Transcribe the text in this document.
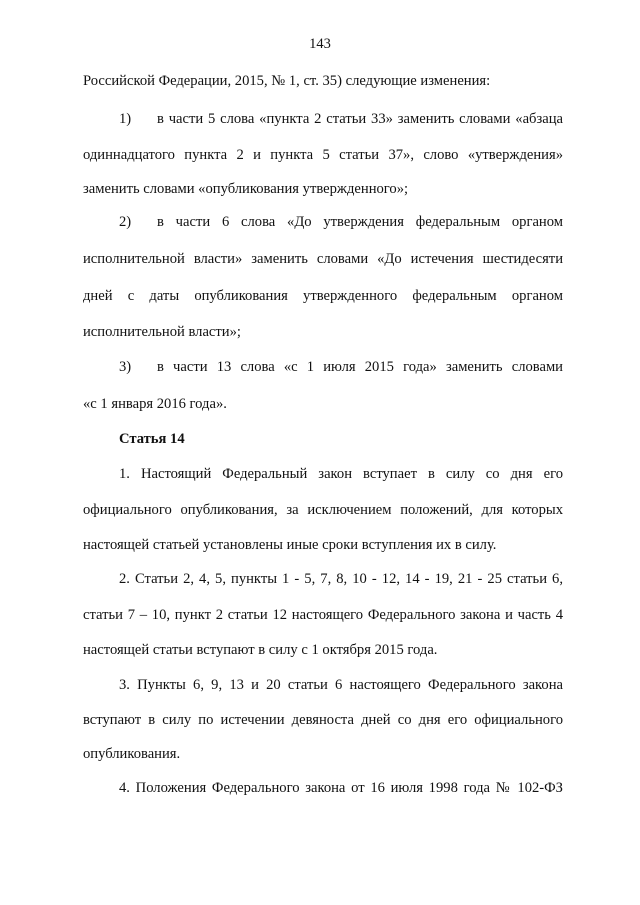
143
Российской Федерации, 2015, № 1, ст. 35) следующие изменения:
1)	в части 5 слова «пункта 2 статьи 33» заменить словами «абзаца
одиннадцатого пункта 2 и пункта 5 статьи 37», слово «утверждения»
заменить словами «опубликования утвержденного»;
2)	в части 6 слова «До утверждения федеральным органом
исполнительной власти» заменить словами «До истечения шестидесяти
дней с даты опубликования утвержденного федеральным органом
исполнительной власти»;
3)	в части 13 слова «с 1 июля 2015 года» заменить словами
«с 1 января 2016 года».
Статья 14
1. Настоящий Федеральный закон вступает в силу со дня его
официального опубликования, за исключением положений, для которых
настоящей статьей установлены иные сроки вступления их в силу.
2. Статьи 2, 4, 5, пункты 1 - 5, 7, 8, 10 - 12, 14 - 19, 21 - 25 статьи 6,
статьи 7 – 10, пункт 2 статьи 12 настоящего Федерального закона и часть 4
настоящей статьи вступают в силу с 1 октября 2015 года.
3. Пункты 6, 9, 13 и 20 статьи 6 настоящего Федерального закона
вступают в силу по истечении девяноста дней со дня его официального
опубликования.
4. Положения Федерального закона от 16 июля 1998 года № 102-ФЗ
